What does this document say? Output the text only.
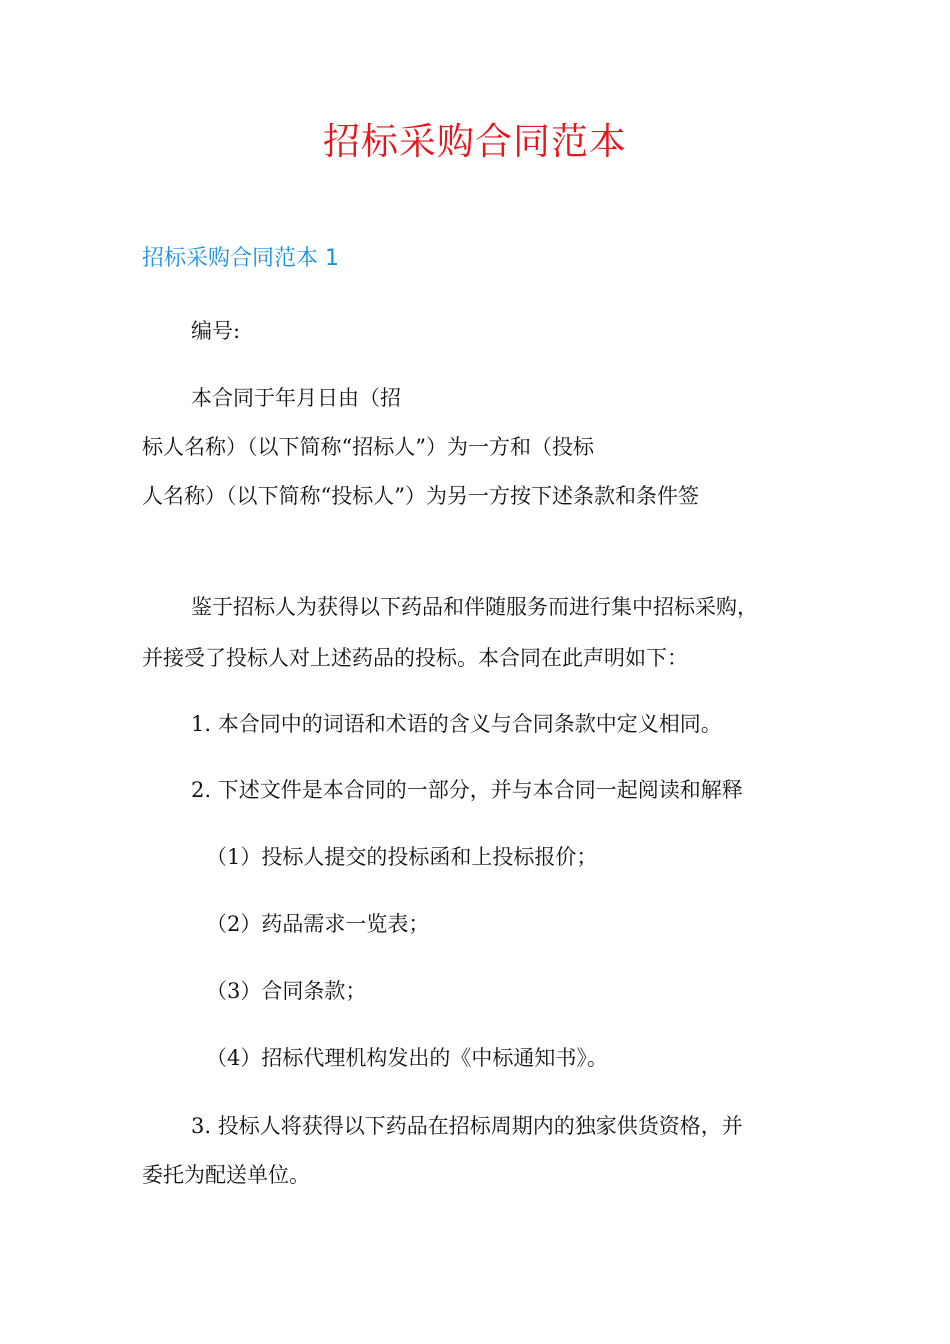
招标采购合同范本
招标采购合同范本 1
编号:
本合同于年月日由（招
标人名称）（以下简称“招标人”）为一方和（投标
人名称）（以下简称“投标人”）为另一方按下述条款和条件签
鉴于招标人为获得以下药品和伴随服务而进行集中招标采购，
并接受了投标人对上述药品的投标。本合同在此声明如下：
1. 本合同中的词语和术语的含义与合同条款中定义相同。
2. 下述文件是本合同的一部分，并与本合同一起阅读和解释
（1）投标人提交的投标函和上投标报价；
（2）药品需求一览表；
（3）合同条款；
（4）招标代理机构发出的《中标通知书》。
3. 投标人将获得以下药品在招标周期内的独家供货资格，并
委托为配送单位。
